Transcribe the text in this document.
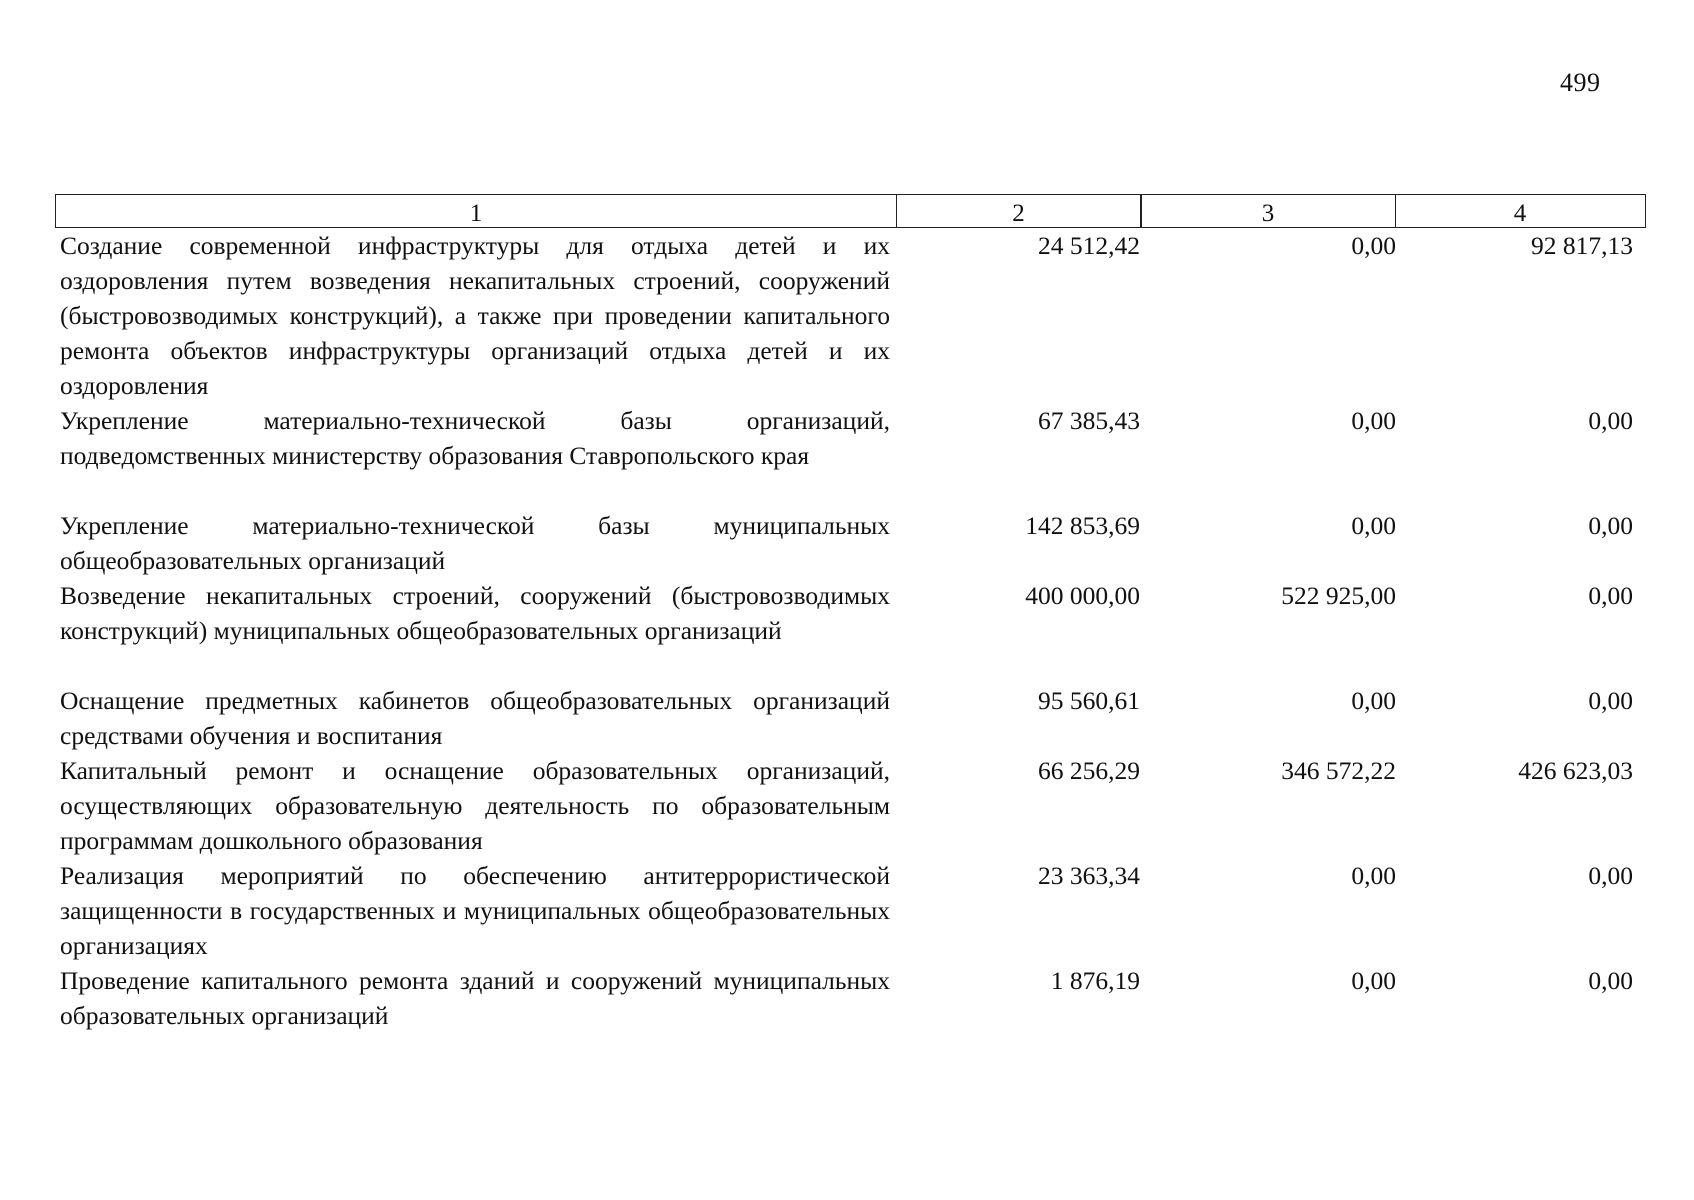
499
1	2	3	4
Создание современной инфраструктуры для отдыха детей и их оздоровления путем возведения некапитальных строений, сооружений (быстровозводимых конструкций), а также при проведении капитального ремонта объектов инфраструктуры организаций отдыха детей и их оздоровления
24 512,42	0,00	92 817,13
Укрепление материально-технической базы организаций, подведомственных министерству образования Ставропольского края
67 385,43	0,00	0,00
Укрепление материально-технической базы муниципальных общеобразовательных организаций
142 853,69	0,00	0,00
Возведение некапитальных строений, сооружений (быстровозводимых конструкций) муниципальных общеобразовательных организаций
400 000,00	522 925,00	0,00
Оснащение предметных кабинетов общеобразовательных организаций средствами обучения и воспитания
95 560,61	0,00	0,00
Капитальный ремонт и оснащение образовательных организаций, осуществляющих образовательную деятельность по образовательным программам дошкольного образования
66 256,29	346 572,22	426 623,03
Реализация мероприятий по обеспечению антитеррористической защищенности в государственных и муниципальных общеобразовательных организациях
23 363,34	0,00	0,00
Проведение капитального ремонта зданий и сооружений муниципальных образовательных организаций
1 876,19	0,00	0,00
